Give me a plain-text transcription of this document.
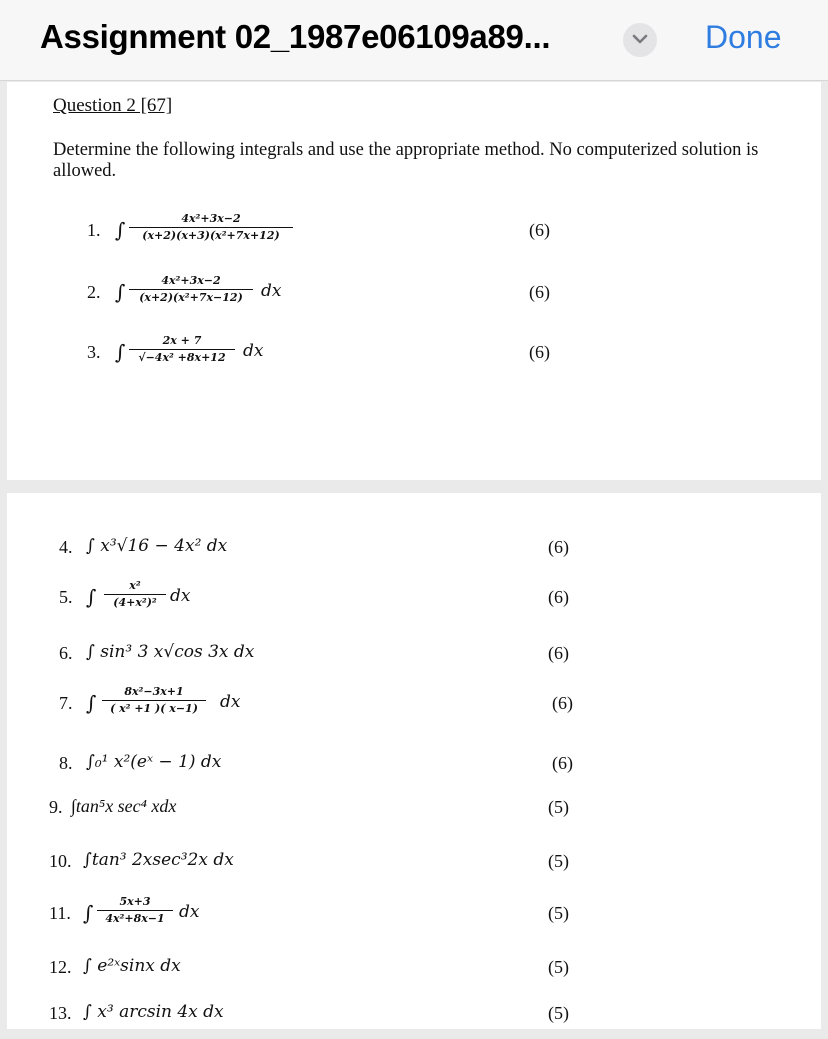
Assignment 02_1987e06109a89...	Done
Question 2 [67]
Determine the following integrals and use the appropriate method. No computerized solution is allowed.
1. ∫ $\frac{\text{4x²+3x−2}}{\text{(x+2)(x+3)(x²+7x+12)}}$	(6)
2. ∫ $\frac{\text{4x²+3x−2}}{\text{(x+2)(x²+7x−12)}}$ dx	(6)
3. ∫ $\frac{2x + 7}{\text{√−4x² +8x+12}}$ dx	(6)
4. ∫ x³√16 − 4x² dx	(6)
5. ∫ $\frac{\text{x²}}{\text{(4+x²)²}}$ dx	(6)
6. ∫ sin³ 3 x√cos 3x dx	(6)
7. ∫ $\frac{\text{8x²−3x+1}}{\text{( x² +1 )( x−1)}}$ dx	(6)
8. ∫₀¹ x²(eˣ − 1) dx	(6)
9. ∫tan⁵x sec⁴ xdx	(5)
10. ∫tan³ 2xsec³2x dx	(5)
11. ∫ $\frac{5x+3}{\text{4x²+8x−1}}$ dx	(5)
12. ∫ e²ˣsinx dx	(5)
13. ∫ x³ arcsin 4x dx	(5)
